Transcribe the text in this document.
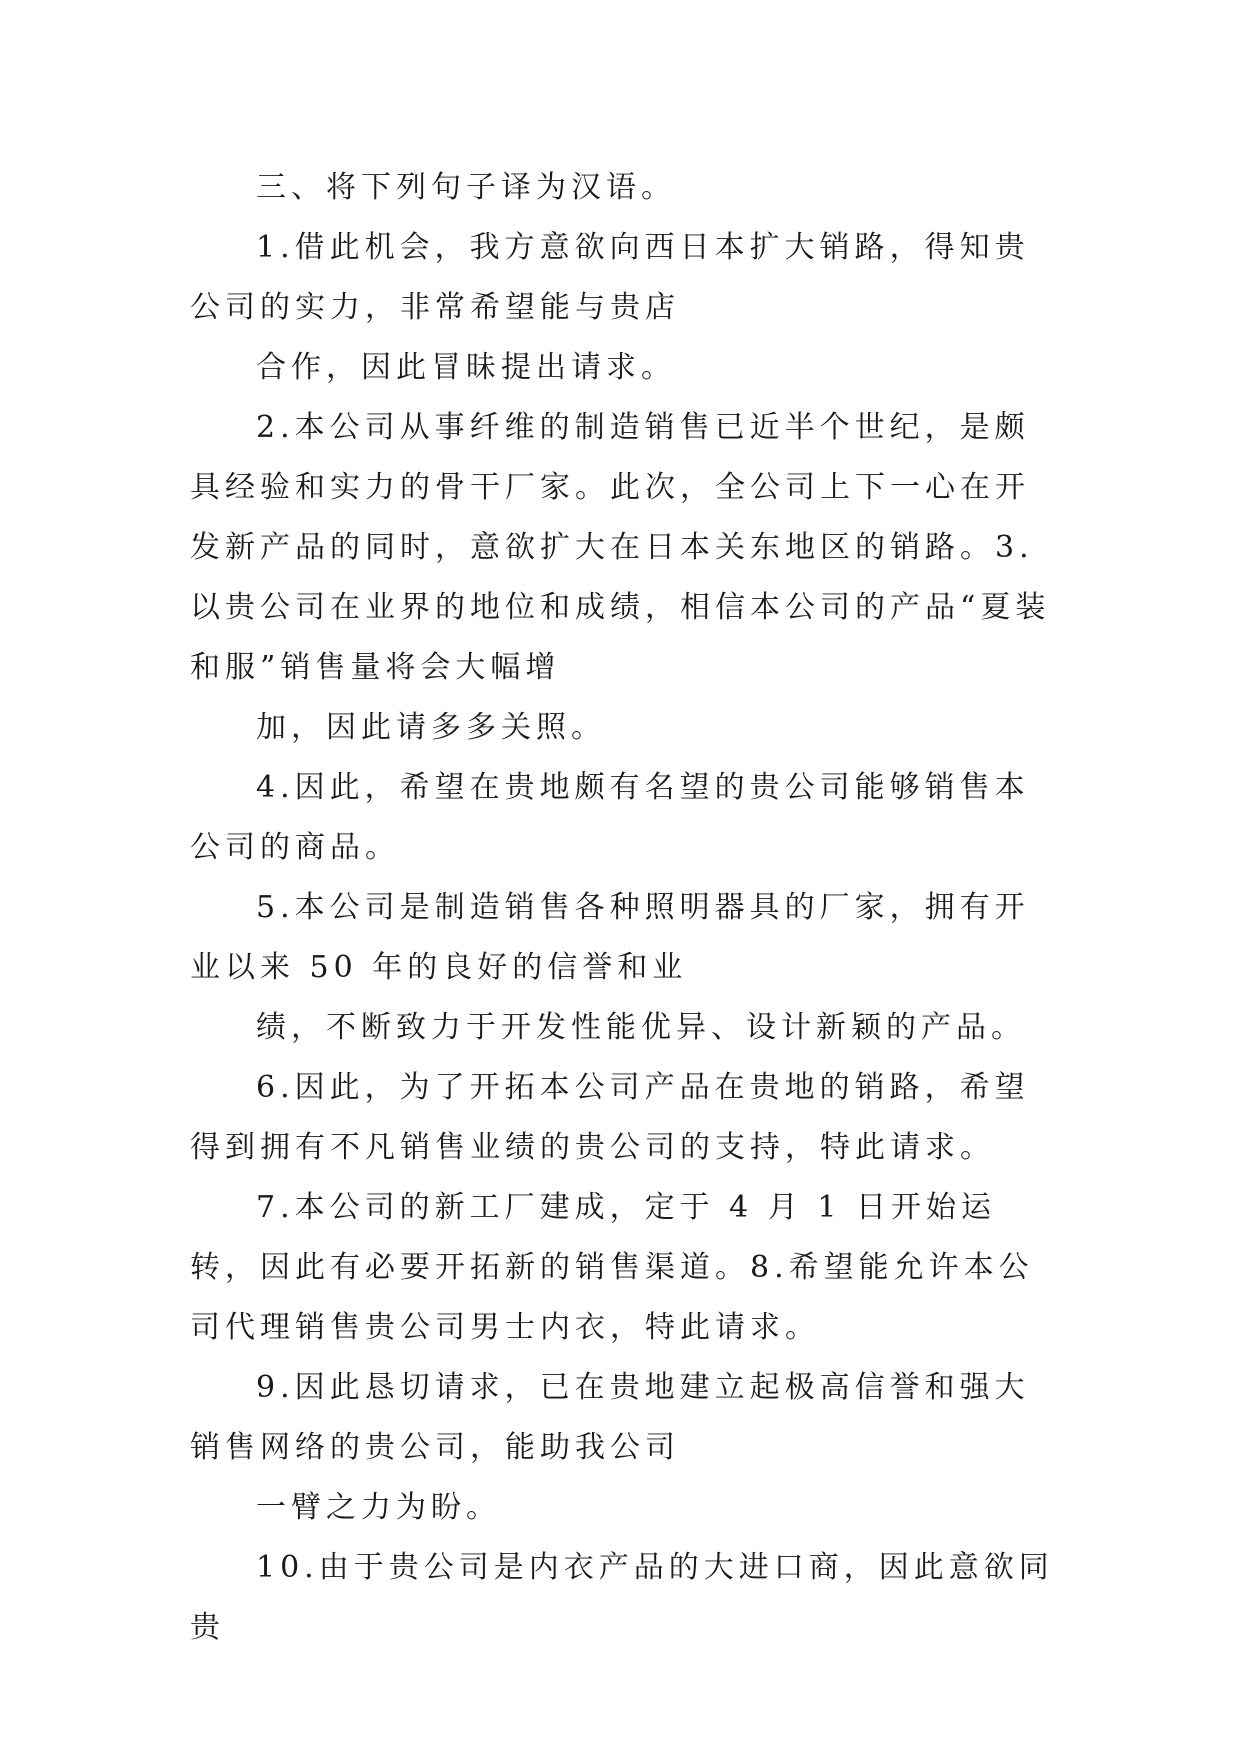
三、将下列句子译为汉语。

1.借此机会，我方意欲向西日本扩大销路，得知贵公司的实力，非常希望能与贵店

合作，因此冒昧提出请求。

2.本公司从事纤维的制造销售已近半个世纪，是颇具经验和实力的骨干厂家。此次，全公司上下一心在开发新产品的同时，意欲扩大在日本关东地区的销路。3.以贵公司在业界的地位和成绩，相信本公司的产品“夏装和服”销售量将会大幅增

加，因此请多多关照。

4.因此，希望在贵地颇有名望的贵公司能够销售本公司的商品。

5.本公司是制造销售各种照明器具的厂家，拥有开业以来 50 年的良好的信誉和业

绩，不断致力于开发性能优异、设计新颖的产品。

6.因此，为了开拓本公司产品在贵地的销路，希望得到拥有不凡销售业绩的贵公司的支持，特此请求。

7.本公司的新工厂建成，定于 4 月 1 日开始运转，因此有必要开拓新的销售渠道。8.希望能允许本公司代理销售贵公司男士内衣，特此请求。

9.因此恳切请求，已在贵地建立起极高信誉和强大销售网络的贵公司，能助我公司

一臂之力为盼。

10.由于贵公司是内衣产品的大进口商，因此意欲同贵
